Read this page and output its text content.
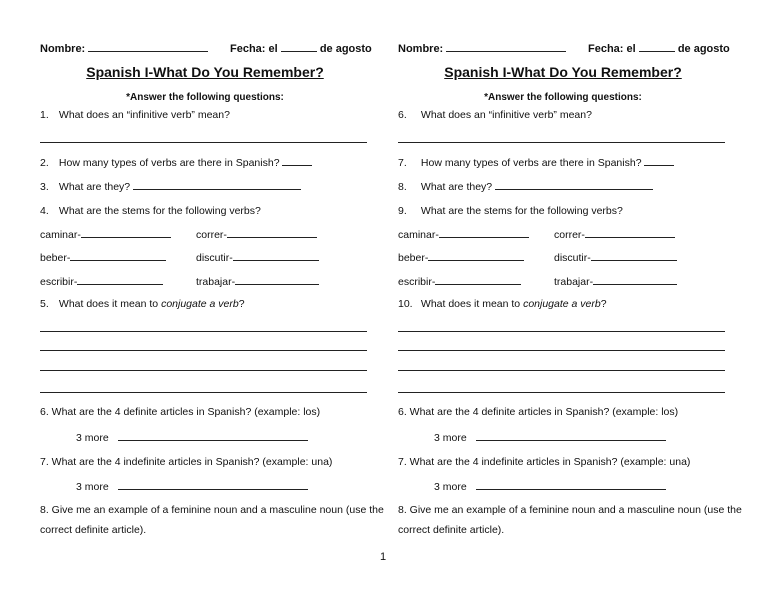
Nombre:	Fecha: el	de agosto
Spanish I-What Do You Remember?
*Answer the following questions:
1. What does an “infinitive verb” mean?
2. How many types of verbs are there in Spanish?
3. What are they?
4. What are the stems for the following verbs?
caminar-	correr-
beber-	discutir-
escribir-	trabajar-
5. What does it mean to conjugate a verb?
6. What are the 4 definite articles in Spanish? (example: los)
3 more
7. What are the 4 indefinite articles in Spanish? (example: una)
3 more
8. Give me an example of a feminine noun and a masculine noun (use the
correct definite article).
Nombre:	Fecha: el	de agosto
Spanish I-What Do You Remember?
*Answer the following questions:
6. What does an “infinitive verb” mean?
7. How many types of verbs are there in Spanish?
8. What are they?
9. What are the stems for the following verbs?
caminar-	correr-
beber-	discutir-
escribir-	trabajar-
10. What does it mean to conjugate a verb?
6. What are the 4 definite articles in Spanish? (example: los)
3 more
7. What are the 4 indefinite articles in Spanish? (example: una)
3 more
8. Give me an example of a feminine noun and a masculine noun (use the
correct definite article).
1
